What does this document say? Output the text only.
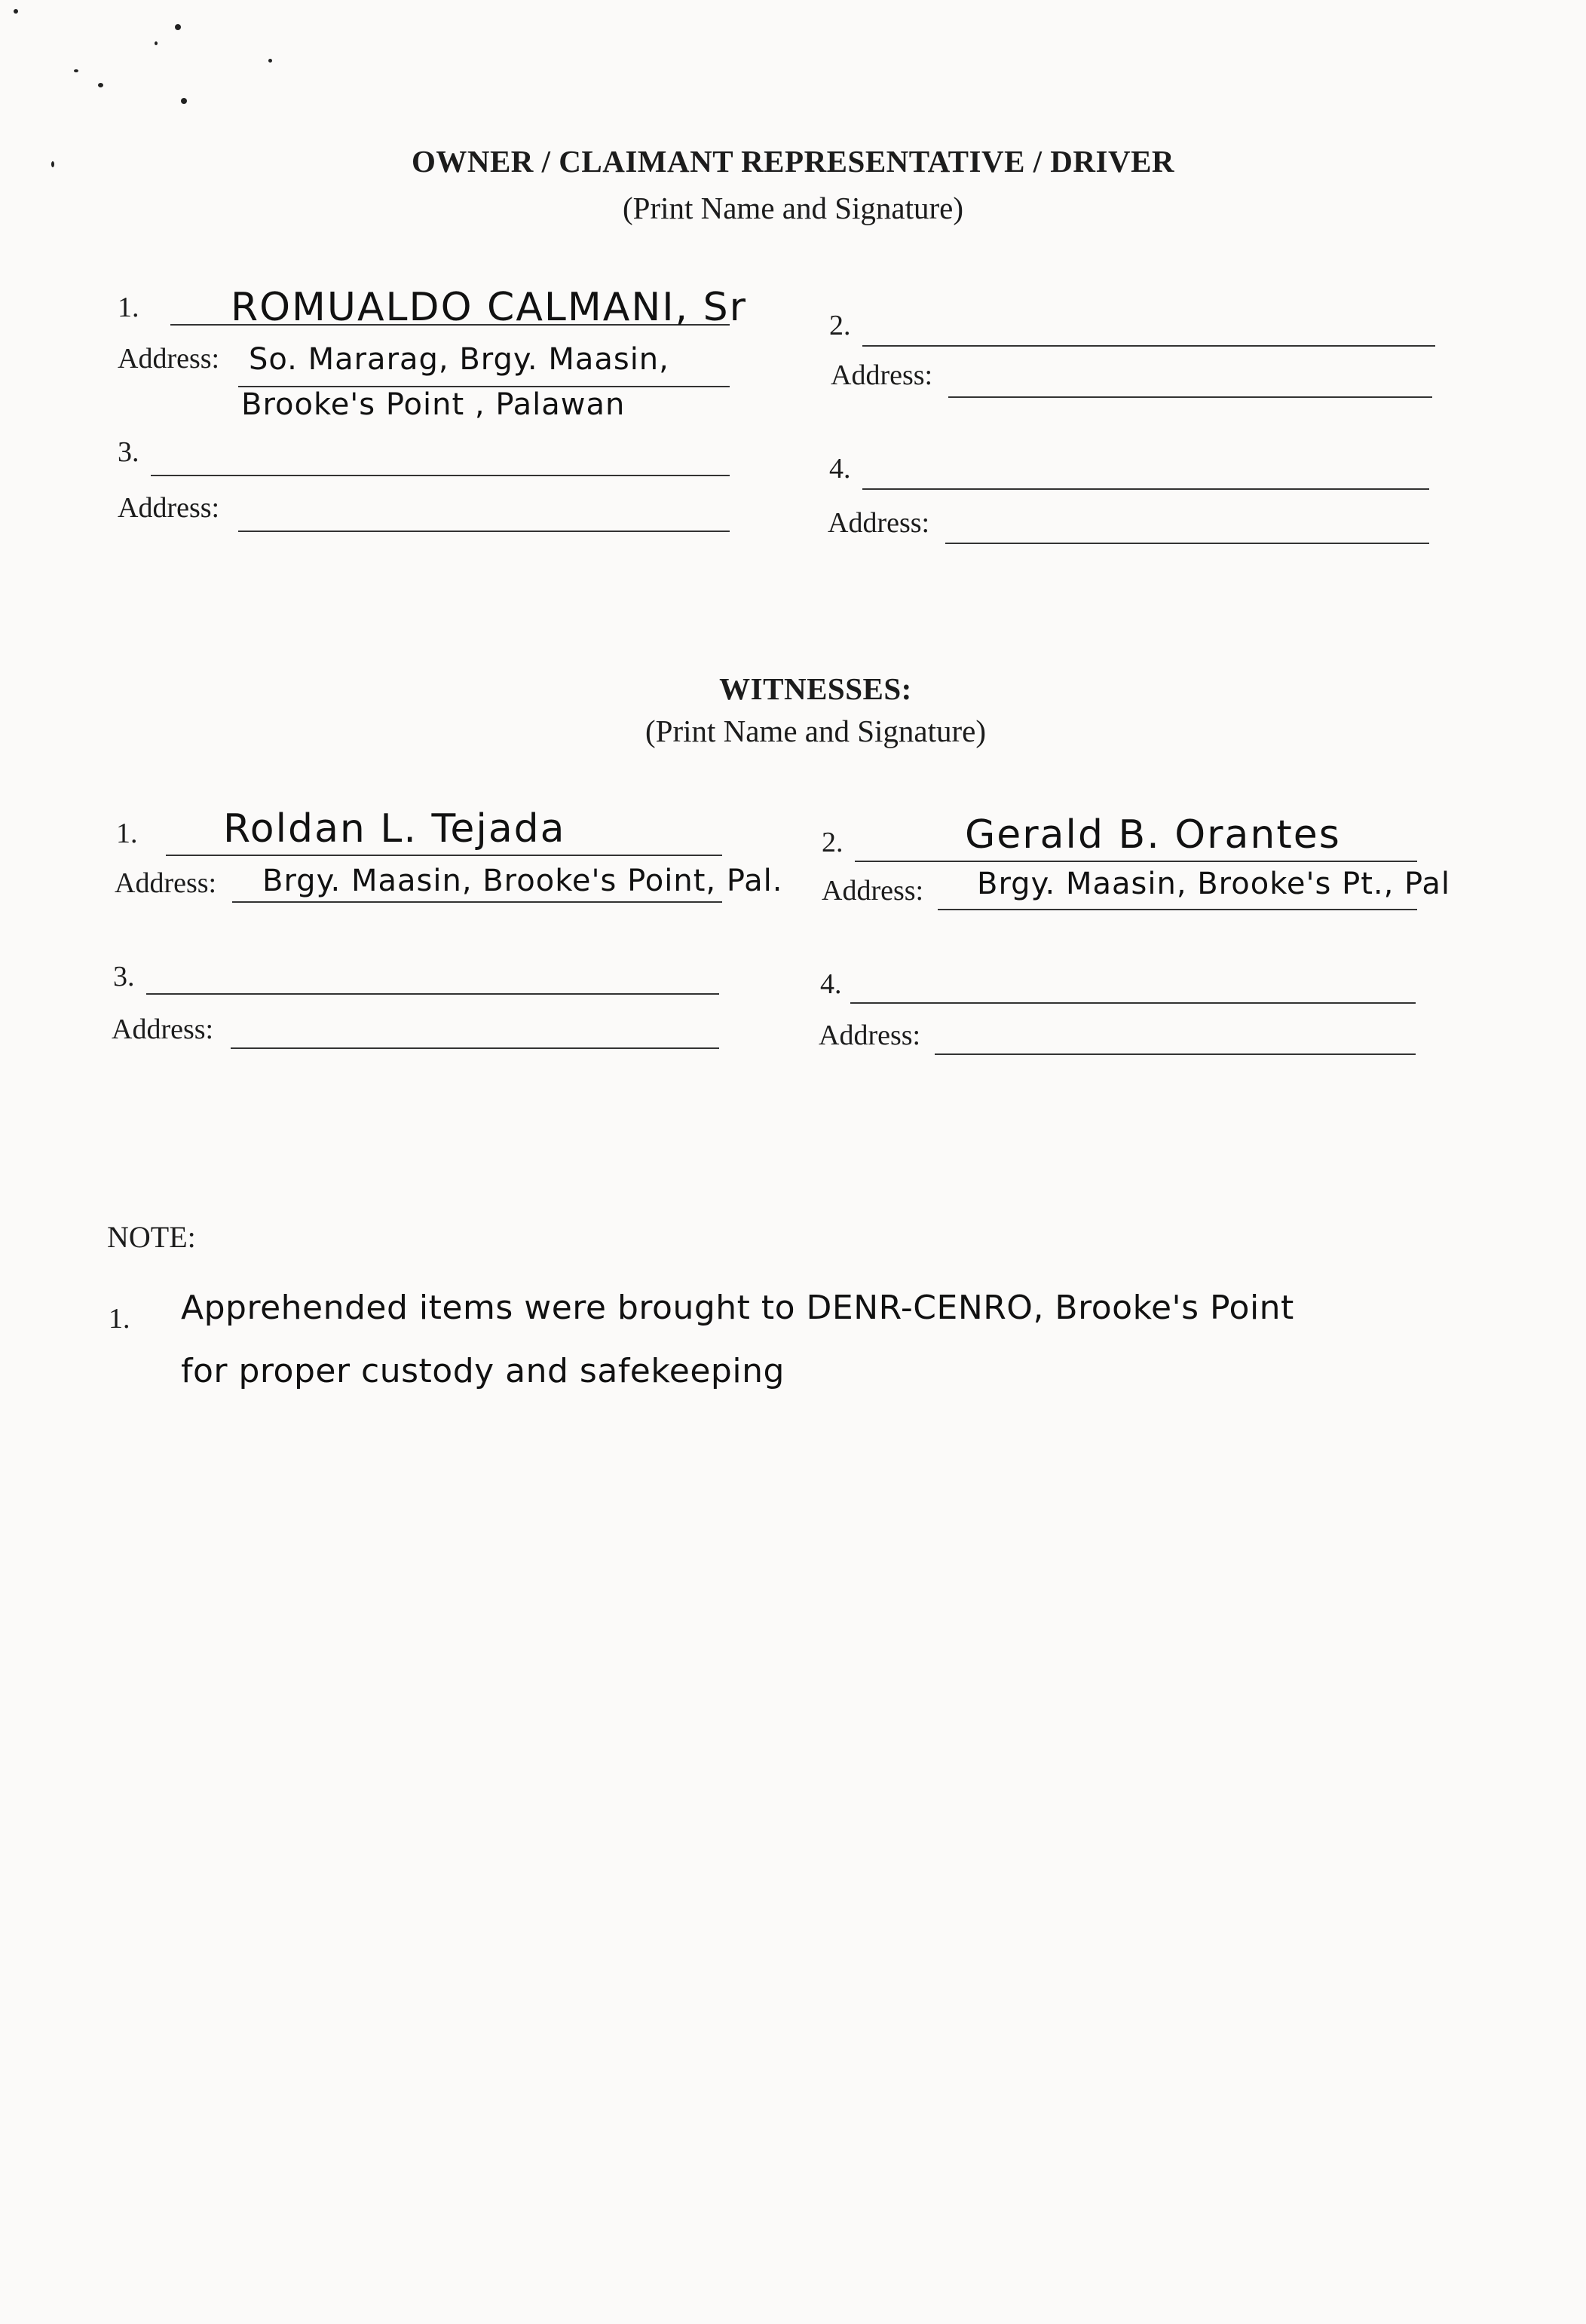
OWNER / CLAIMANT REPRESENTATIVE / DRIVER
(Print Name and Signature)
1. ROMUALDO CALMANI, Sr
Address: So. Mararag, Brgy. Maasin,
Brooke's Point , Palawan
2.
Address:
3.
Address:
4.
Address:
WITNESSES:
(Print Name and Signature)
1. Roldan L. Tejada
Address: Brgy. Maasin, Brooke's Point, Pal.
2.	Gerald B. Orantes
Address: Brgy. Maasin, Brooke's Pt., Pal
3.
Address:
4.
Address:
NOTE:
1. Apprehended items were brought to DENR-CENRO, Brooke's Point
for proper custody and safekeeping
